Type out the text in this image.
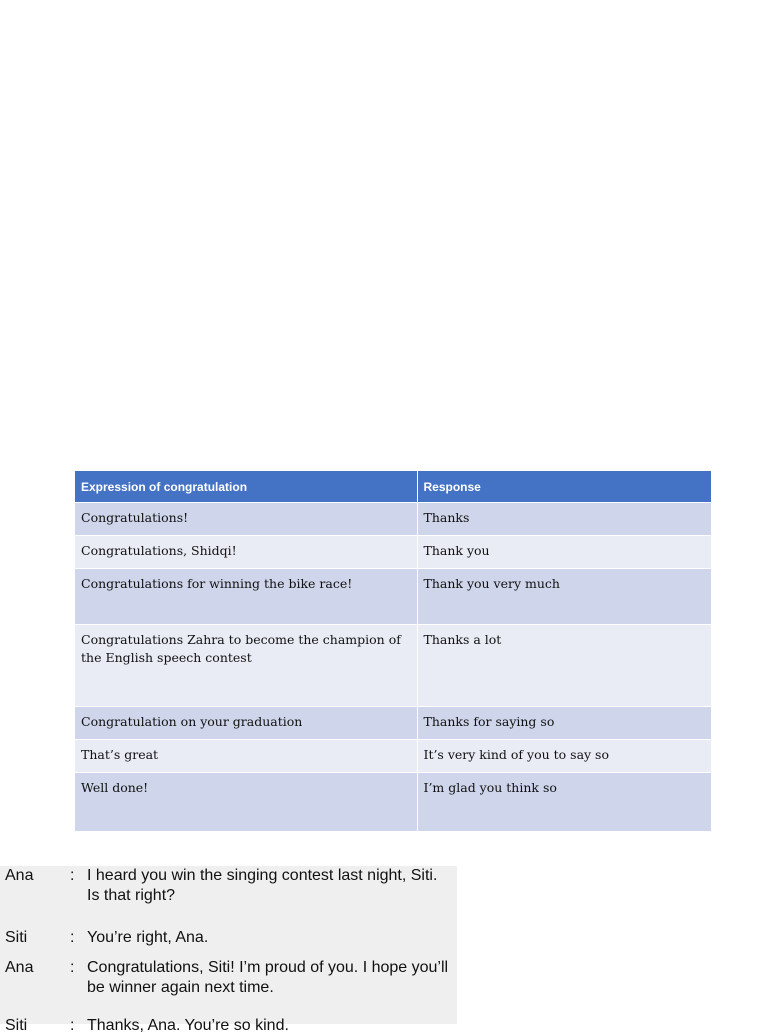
Expression of congratulation	Response
Congratulations!	Thanks
Congratulations, Shidqi!	Thank you
Congratulations for winning the bike race!	Thank you very much
Congratulations Zahra to become the champion of the English speech contest	Thanks a lot
Congratulation on your graduation	Thanks for saying so
That’s great	It’s very kind of you to say so
Well done!	I’m glad you think so
Ana : I heard you win the singing contest last night, Siti. Is that right?
Siti	: You’re right, Ana.
Ana : Congratulations, Siti! I’m proud of you. I hope you’ll be winner again next time.
Siti	: Thanks, Ana. You’re so kind.
